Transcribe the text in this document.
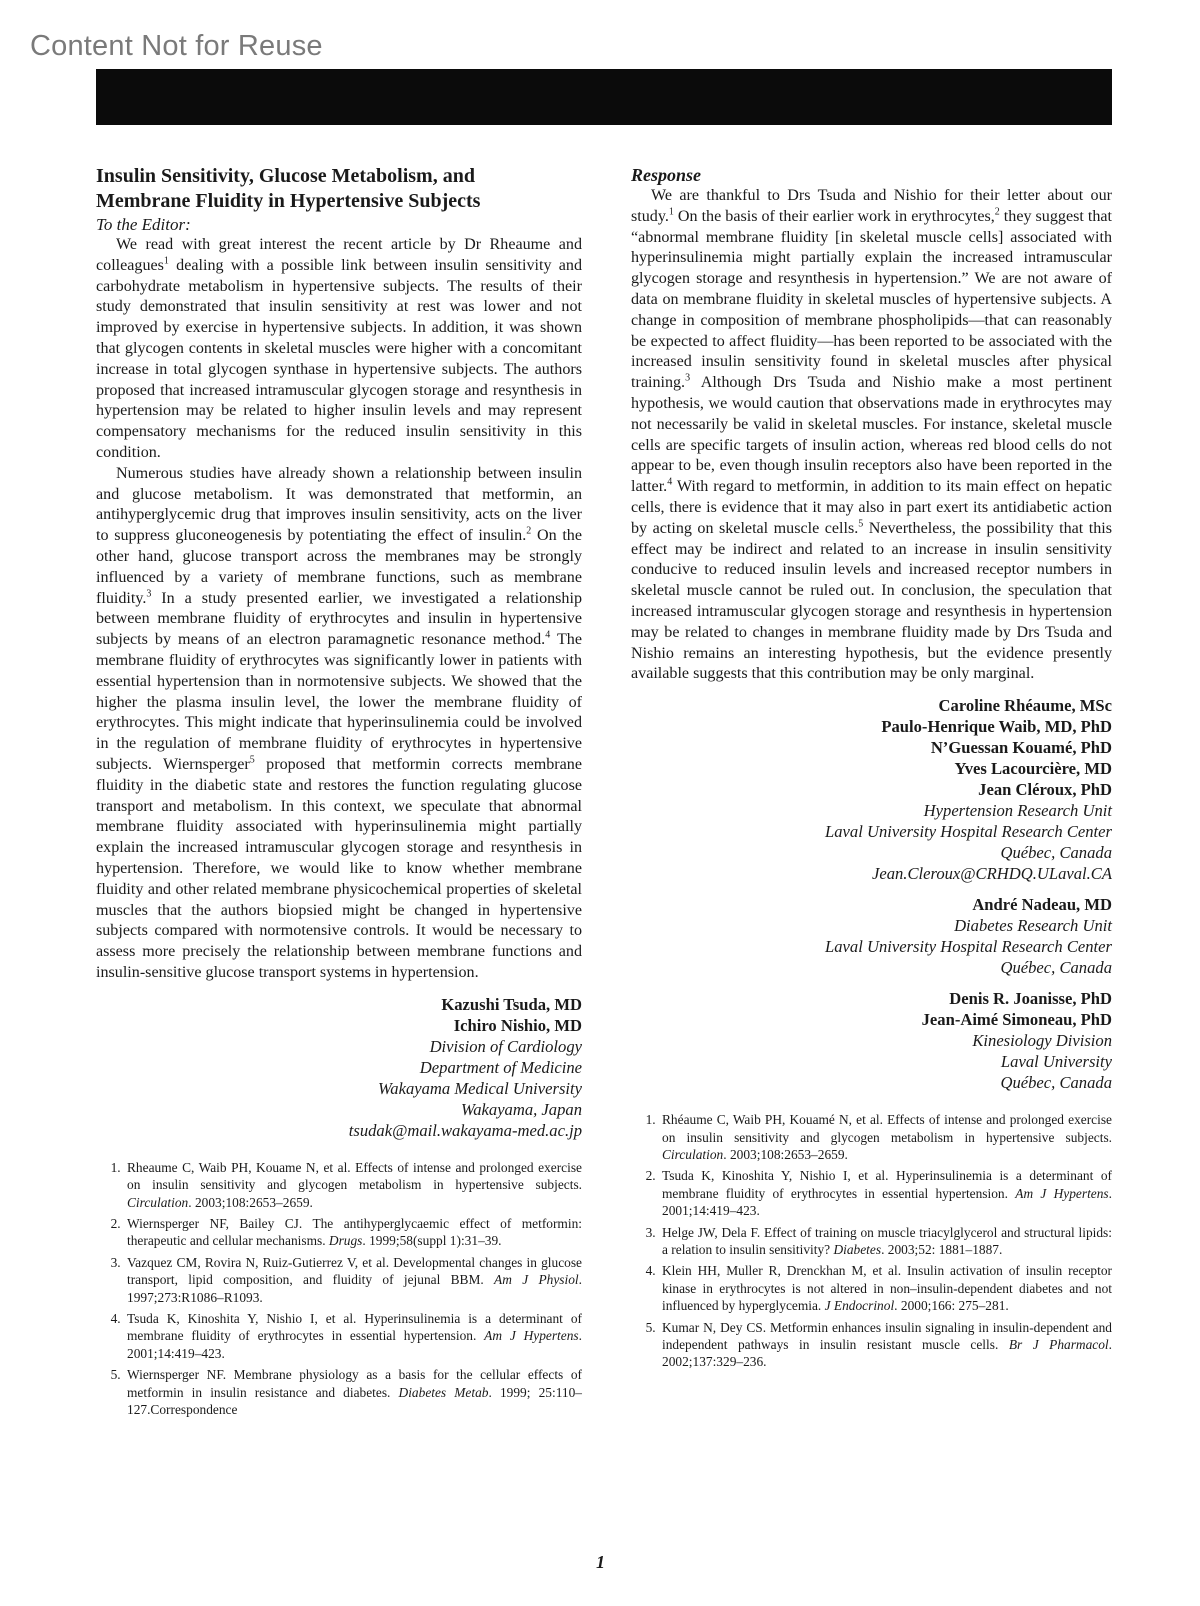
Content Not for Reuse
Insulin Sensitivity, Glucose Metabolism, and
Membrane Fluidity in Hypertensive Subjects
To the Editor:

We read with great interest the recent article by Dr Rheaume and colleagues$^1$ dealing with a possible link between insulin sensitivity and carbohydrate metabolism in hypertensive subjects. The results of their study demonstrated that insulin sensitivity at rest was lower and not improved by exercise in hypertensive subjects. In addition, it was shown that glycogen contents in skeletal muscles were higher with a concomitant increase in total glycogen synthase in hypertensive subjects. The authors proposed that increased intramuscular glycogen storage and resynthesis in hypertension may be related to higher insulin levels and may represent compensatory mechanisms for the reduced insulin sensitivity in this condition.

Numerous studies have already shown a relationship between insulin and glucose metabolism. It was demonstrated that metformin, an antihyperglycemic drug that improves insulin sensitivity, acts on the liver to suppress gluconeogenesis by potentiating the effect of insulin.$^2$ On the other hand, glucose transport across the membranes may be strongly influenced by a variety of membrane functions, such as membrane fluidity.$^3$ In a study presented earlier, we investigated a relationship between membrane fluidity of erythrocytes and insulin in hypertensive subjects by means of an electron paramagnetic resonance method.$^4$ The membrane fluidity of erythrocytes was significantly lower in patients with essential hypertension than in normotensive subjects. We showed that the higher the plasma insulin level, the lower the membrane fluidity of erythrocytes. This might indicate that hyperinsulinemia could be involved in the regulation of membrane fluidity of erythrocytes in hypertensive subjects. Wiernsperger$^5$ proposed that metformin corrects membrane fluidity in the diabetic state and restores the function regulating glucose transport and metabolism. In this context, we speculate that abnormal membrane fluidity associated with hyperinsulinemia might partially explain the increased intramuscular glycogen storage and resynthesis in hypertension. Therefore, we would like to know whether membrane fluidity and other related membrane physicochemical properties of skeletal muscles that the authors biopsied might be changed in hypertensive subjects compared with normotensive controls. It would be necessary to assess more precisely the relationship between membrane functions and insulin-sensitive glucose transport systems in hypertension.

Kazushi Tsuda, MD
Ichiro Nishio, MD
Division of Cardiology
Department of Medicine
Wakayama Medical University
Wakayama, Japan
tsudak@mail.wakayama-med.ac.jp
1. Rheaume C, Waib PH, Kouame N, et al. Effects of intense and prolonged exercise on insulin sensitivity and glycogen metabolism in hypertensive subjects. Circulation. 2003;108:2653–2659.
2. Wiernsperger NF, Bailey CJ. The antihyperglycaemic effect of metformin: therapeutic and cellular mechanisms. Drugs. 1999;58(suppl 1):31–39.
3. Vazquez CM, Rovira N, Ruiz-Gutierrez V, et al. Developmental changes in glucose transport, lipid composition, and fluidity of jejunal BBM. Am J Physiol. 1997;273:R1086–R1093.
4. Tsuda K, Kinoshita Y, Nishio I, et al. Hyperinsulinemia is a determinant of membrane fluidity of erythrocytes in essential hypertension. Am J Hypertens. 2001;14:419–423.
5. Wiernsperger NF. Membrane physiology as a basis for the cellular effects of metformin in insulin resistance and diabetes. Diabetes Metab. 1999; 25:110–127.Correspondence
Response

We are thankful to Drs Tsuda and Nishio for their letter about our study.$^1$ On the basis of their earlier work in erythrocytes,$^2$ they suggest that “abnormal membrane fluidity [in skeletal muscle cells] associated with hyperinsulinemia might partially explain the increased intramuscular glycogen storage and resynthesis in hypertension.” We are not aware of data on membrane fluidity in skeletal muscles of hypertensive subjects. A change in composition of membrane phospholipids—that can reasonably be expected to affect fluidity—has been reported to be associated with the increased insulin sensitivity found in skeletal muscles after physical training.$^3$ Although Drs Tsuda and Nishio make a most pertinent hypothesis, we would caution that observations made in erythrocytes may not necessarily be valid in skeletal muscles. For instance, skeletal muscle cells are specific targets of insulin action, whereas red blood cells do not appear to be, even though insulin receptors also have been reported in the latter.$^4$ With regard to metformin, in addition to its main effect on hepatic cells, there is evidence that it may also in part exert its antidiabetic action by acting on skeletal muscle cells.$^5$ Nevertheless, the possibility that this effect may be indirect and related to an increase in insulin sensitivity conducive to reduced insulin levels and increased receptor numbers in skeletal muscle cannot be ruled out. In conclusion, the speculation that increased intramuscular glycogen storage and resynthesis in hypertension may be related to changes in membrane fluidity made by Drs Tsuda and Nishio remains an interesting hypothesis, but the evidence presently available suggests that this contribution may be only marginal.

Caroline Rhéaume, MSc
Paulo-Henrique Waib, MD, PhD
N’Guessan Kouamé, PhD
Yves Lacourcière, MD
Jean Cléroux, PhD
Hypertension Research Unit
Laval University Hospital Research Center
Québec, Canada
Jean.Cleroux@CRHDQ.ULaval.CA
André Nadeau, MD
Diabetes Research Unit
Laval University Hospital Research Center
Québec, Canada
Denis R. Joanisse, PhD
Jean-Aimé Simoneau, PhD
Kinesiology Division
Laval University
Québec, Canada
1. Rhéaume C, Waib PH, Kouamé N, et al. Effects of intense and prolonged exercise on insulin sensitivity and glycogen metabolism in hypertensive subjects. Circulation. 2003;108:2653–2659.
2. Tsuda K, Kinoshita Y, Nishio I, et al. Hyperinsulinemia is a determinant of membrane fluidity of erythrocytes in essential hypertension. Am J Hypertens. 2001;14:419–423.
3. Helge JW, Dela F. Effect of training on muscle triacylglycerol and structural lipids: a relation to insulin sensitivity? Diabetes. 2003;52: 1881–1887.
4. Klein HH, Muller R, Drenckhan M, et al. Insulin activation of insulin receptor kinase in erythrocytes is not altered in non–insulin-dependent diabetes and not influenced by hyperglycemia. J Endocrinol. 2000;166: 275–281.
5. Kumar N, Dey CS. Metformin enhances insulin signaling in insulin-dependent and independent pathways in insulin resistant muscle cells. Br J Pharmacol. 2002;137:329–236.
1
